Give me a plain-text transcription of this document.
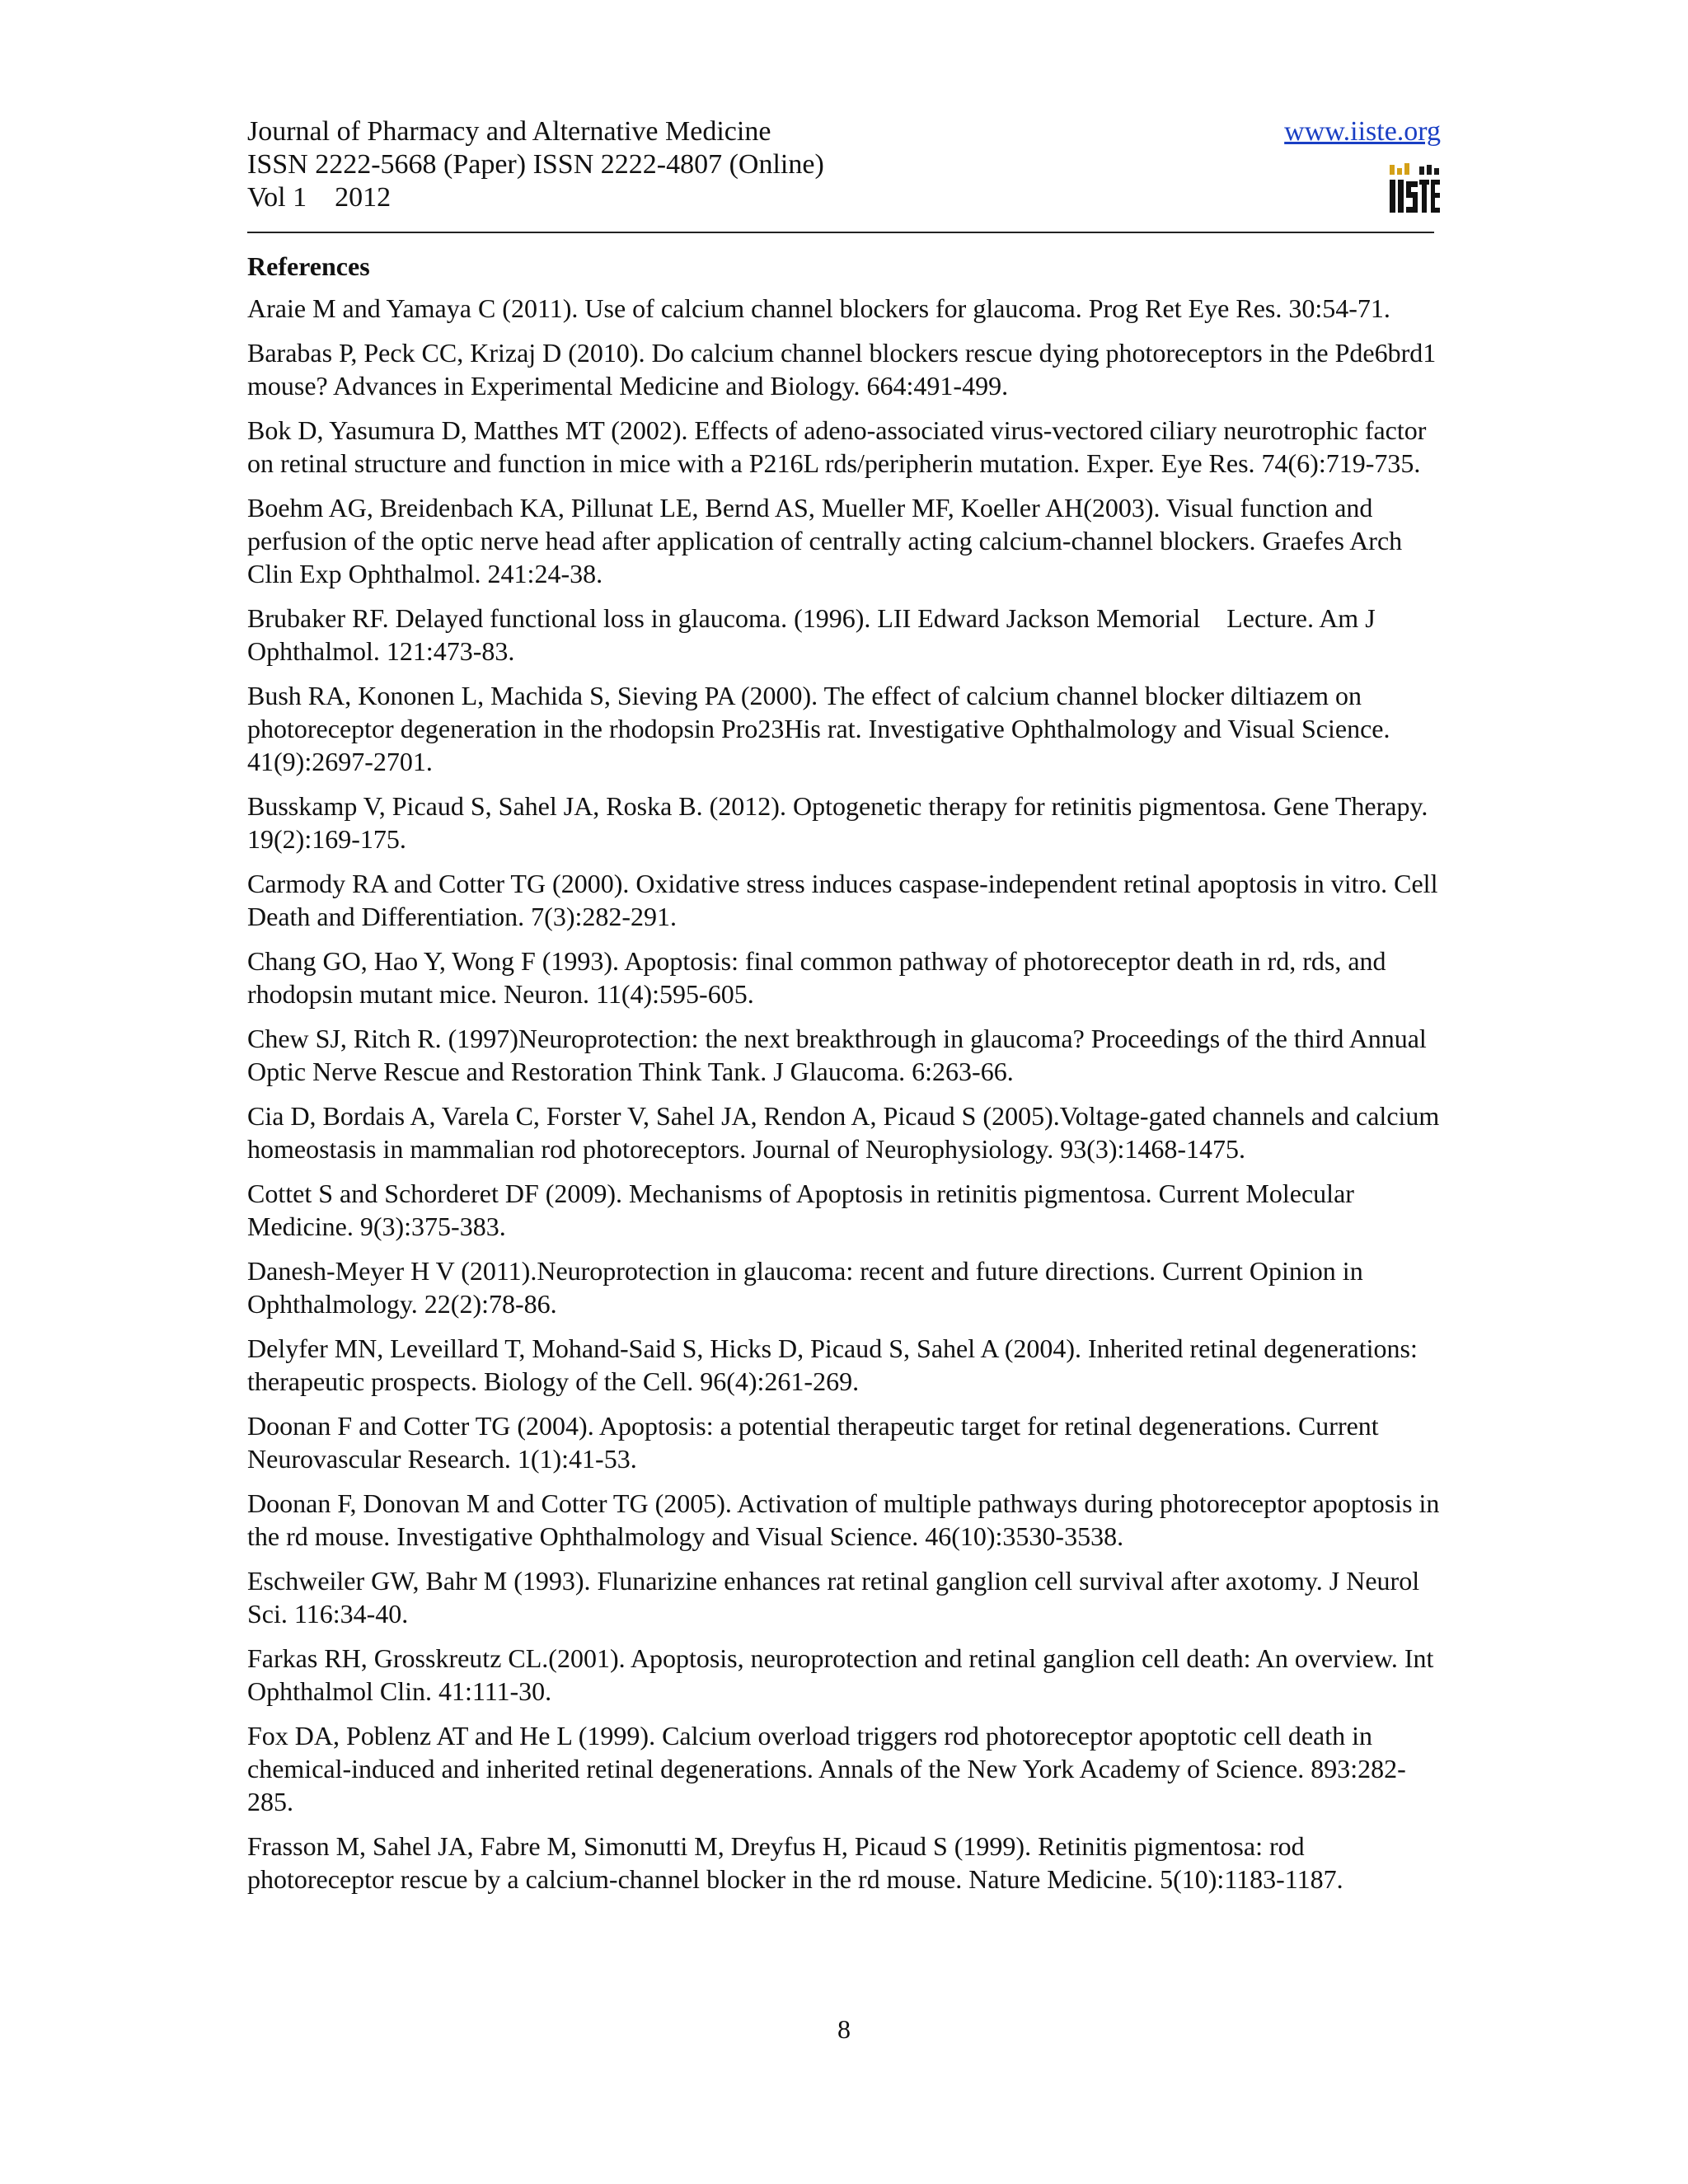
Journal of Pharmacy and Alternative Medicine
ISSN 2222-5668 (Paper) ISSN 2222-4807 (Online)
Vol 1    2012
www.iiste.org
References

Araie M and Yamaya C (2011). Use of calcium channel blockers for glaucoma. Prog Ret Eye Res. 30:54-71.

Barabas P, Peck CC, Krizaj D (2010). Do calcium channel blockers rescue dying photoreceptors in the Pde6brd1 mouse? Advances in Experimental Medicine and Biology. 664:491-499.

Bok D, Yasumura D, Matthes MT (2002). Effects of adeno-associated virus-vectored ciliary neurotrophic factor on retinal structure and function in mice with a P216L rds/peripherin mutation. Exper. Eye Res. 74(6):719-735.

Boehm AG, Breidenbach KA, Pillunat LE, Bernd AS, Mueller MF, Koeller AH(2003). Visual function and perfusion of the optic nerve head after application of centrally acting calcium-channel blockers. Graefes Arch Clin Exp Ophthalmol. 241:24-38.

Brubaker RF. Delayed functional loss in glaucoma. (1996). LII Edward Jackson Memorial    Lecture. Am J Ophthalmol. 121:473-83.

Bush RA, Kononen L, Machida S, Sieving PA (2000). The effect of calcium channel blocker diltiazem on photoreceptor degeneration in the rhodopsin Pro23His rat. Investigative Ophthalmology and Visual Science. 41(9):2697-2701.

Busskamp V, Picaud S, Sahel JA, Roska B. (2012). Optogenetic therapy for retinitis pigmentosa. Gene Therapy. 19(2):169-175.

Carmody RA and Cotter TG (2000). Oxidative stress induces caspase-independent retinal apoptosis in vitro. Cell Death and Differentiation. 7(3):282-291.

Chang GO, Hao Y, Wong F (1993). Apoptosis: final common pathway of photoreceptor death in rd, rds, and rhodopsin mutant mice. Neuron. 11(4):595-605.

Chew SJ, Ritch R. (1997)Neuroprotection: the next breakthrough in glaucoma? Proceedings of the third Annual Optic Nerve Rescue and Restoration Think Tank. J Glaucoma. 6:263-66.

Cia D, Bordais A, Varela C, Forster V, Sahel JA, Rendon A, Picaud S (2005).Voltage-gated channels and calcium homeostasis in mammalian rod photoreceptors. Journal of Neurophysiology. 93(3):1468-1475.

Cottet S and Schorderet DF (2009). Mechanisms of Apoptosis in retinitis pigmentosa. Current Molecular Medicine. 9(3):375-383.

Danesh-Meyer H V (2011).Neuroprotection in glaucoma: recent and future directions. Current Opinion in Ophthalmology. 22(2):78-86.

Delyfer MN, Leveillard T, Mohand-Said S, Hicks D, Picaud S, Sahel A (2004). Inherited retinal degenerations: therapeutic prospects. Biology of the Cell. 96(4):261-269.

Doonan F and Cotter TG (2004). Apoptosis: a potential therapeutic target for retinal degenerations. Current Neurovascular Research. 1(1):41-53.

Doonan F, Donovan M and Cotter TG (2005). Activation of multiple pathways during photoreceptor apoptosis in the rd mouse. Investigative Ophthalmology and Visual Science. 46(10):3530-3538.

Eschweiler GW, Bahr M (1993). Flunarizine enhances rat retinal ganglion cell survival after axotomy. J Neurol Sci. 116:34-40.

Farkas RH, Grosskreutz CL.(2001). Apoptosis, neuroprotection and retinal ganglion cell death: An overview. Int Ophthalmol Clin. 41:111-30.

Fox DA, Poblenz AT and He L (1999). Calcium overload triggers rod photoreceptor apoptotic cell death in chemical-induced and inherited retinal degenerations. Annals of the New York Academy of Science. 893:282-285.

Frasson M, Sahel JA, Fabre M, Simonutti M, Dreyfus H, Picaud S (1999). Retinitis pigmentosa: rod photoreceptor rescue by a calcium-channel blocker in the rd mouse. Nature Medicine. 5(10):1183-1187.

8
